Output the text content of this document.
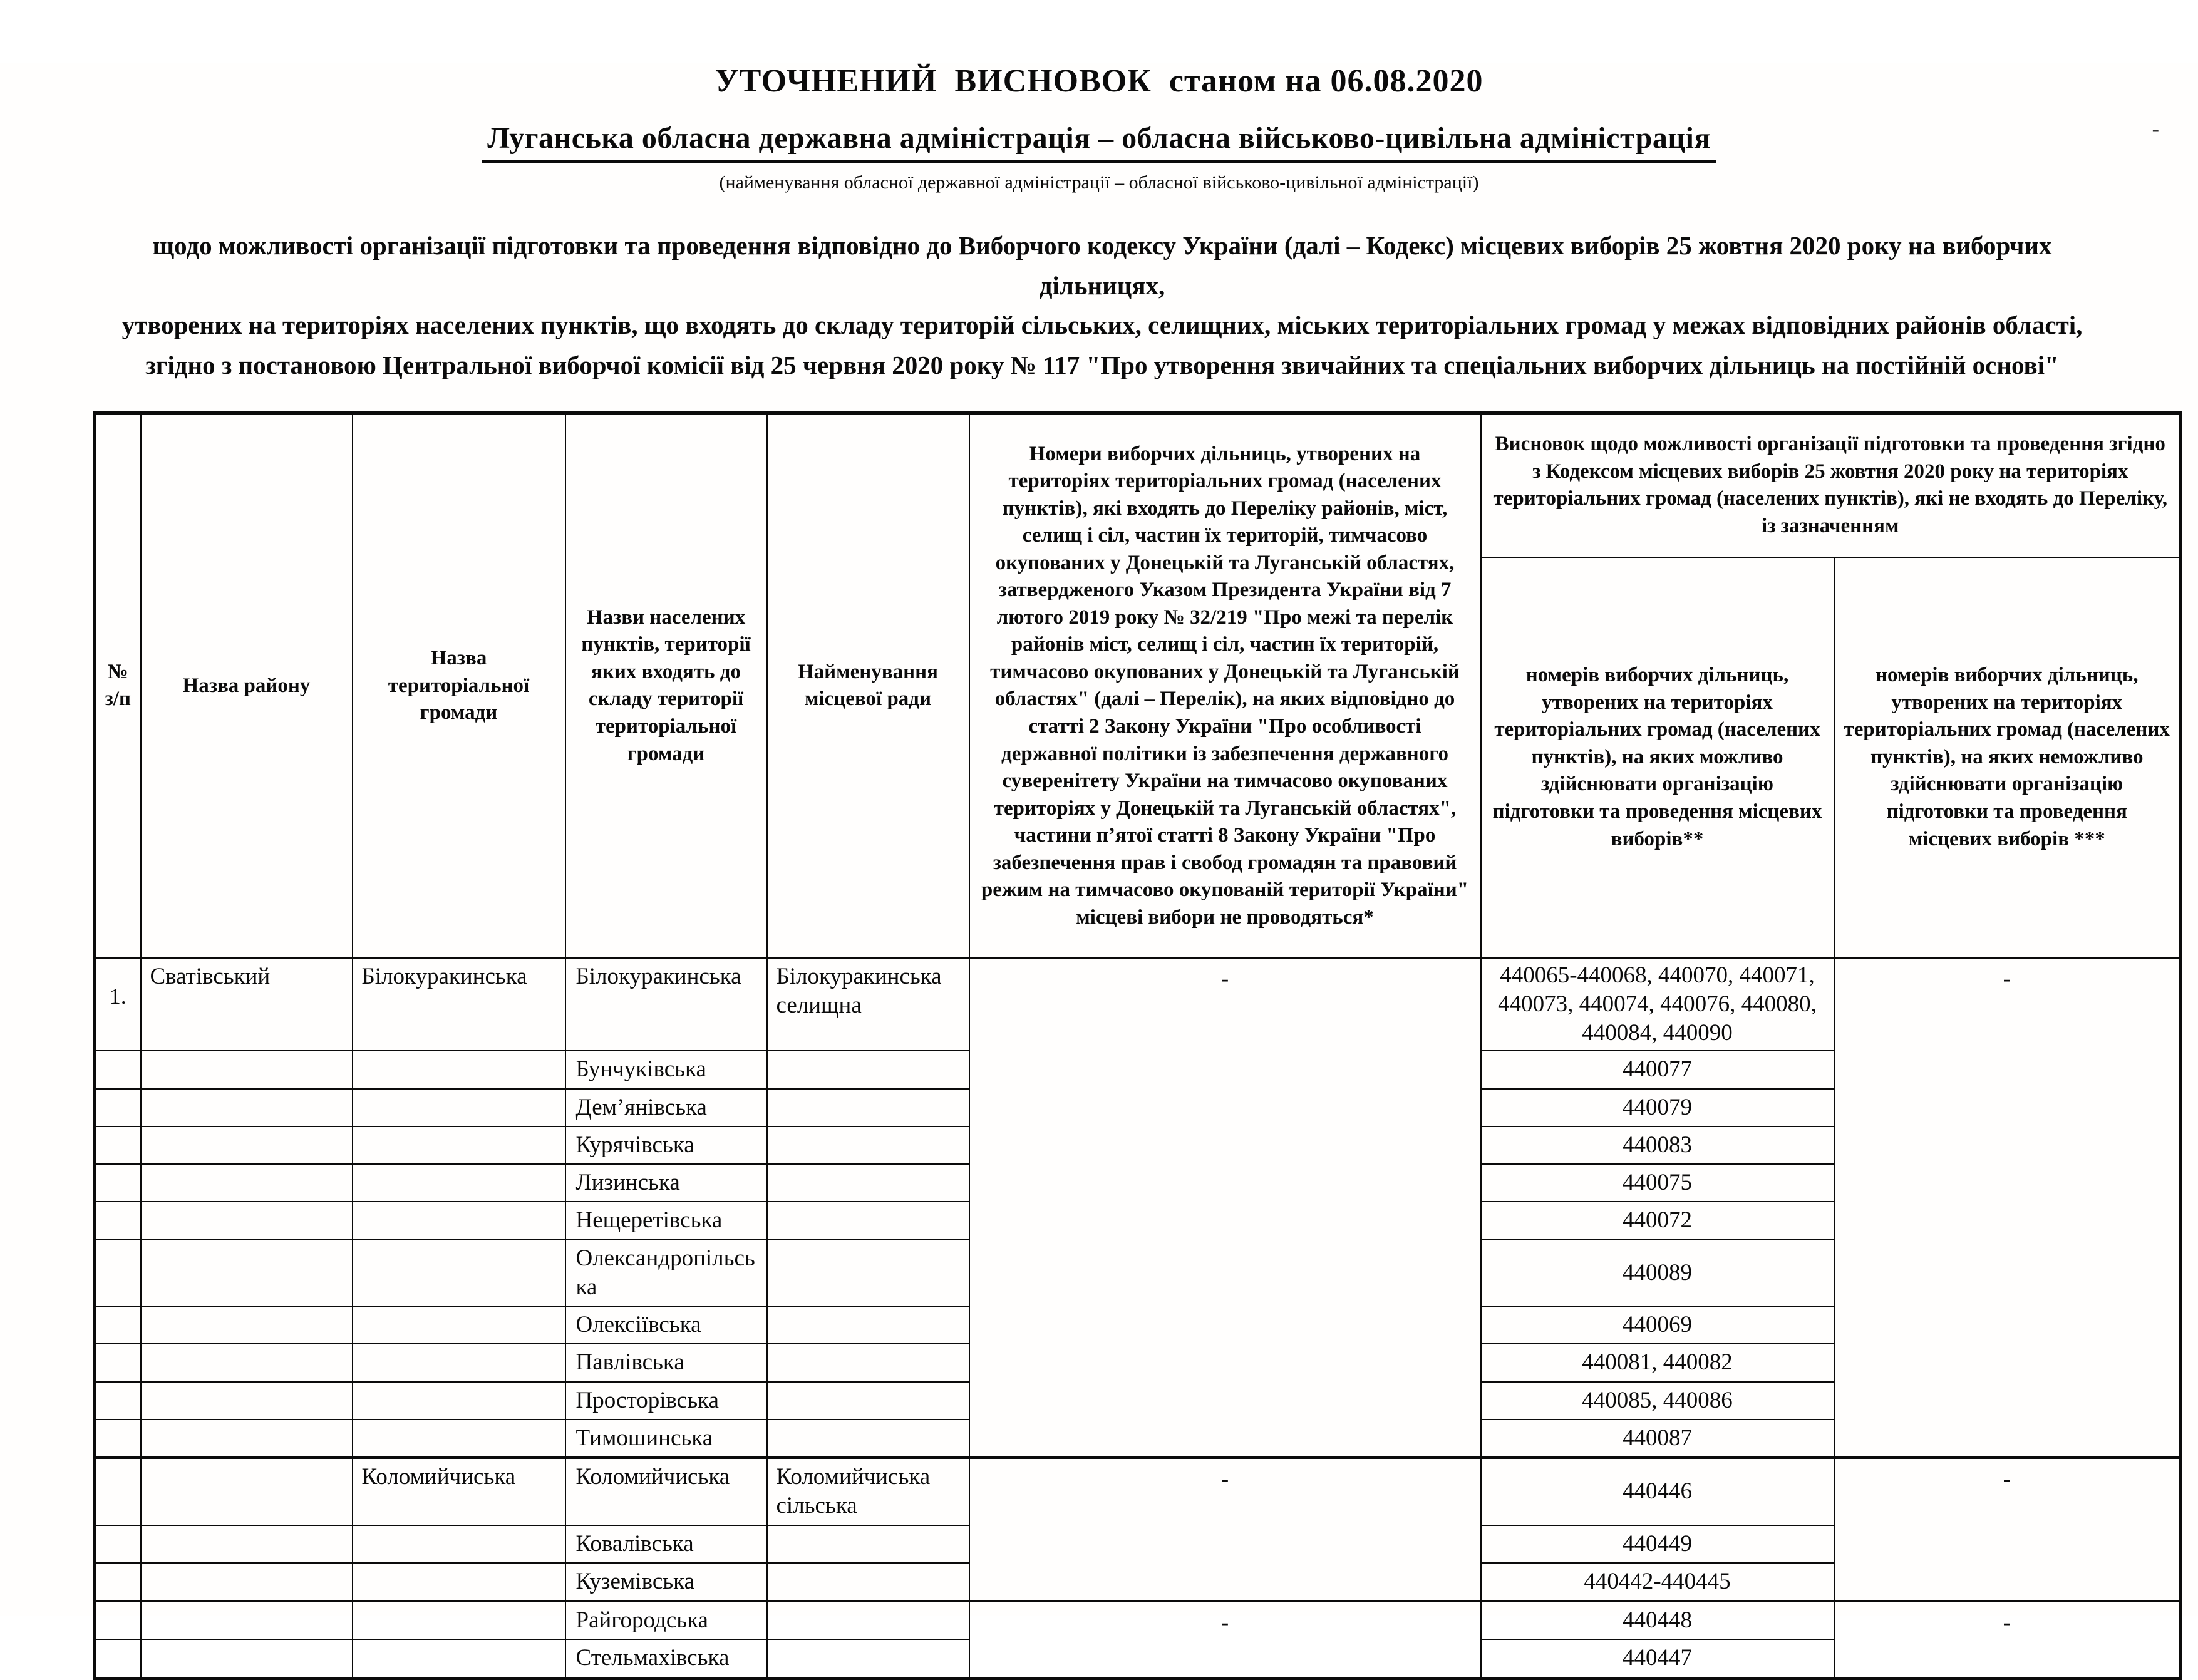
-
УТОЧНЕНИЙ  ВИСНОВОК  станом на 06.08.2020
Луганська обласна державна адміністрація – обласна військово-цивільна адміністрація
(найменування обласної державної адміністрації – обласної військово-цивільної адміністрації)
щодо можливості організації підготовки та проведення відповідно до Виборчого кодексу України (далі – Кодекс) місцевих виборів 25 жовтня 2020 року на виборчих дільницях,
утворених на територіях населених пунктів, що входять до складу територій сільських, селищних, міських територіальних громад у межах відповідних районів області,
згідно з постановою Центральної виборчої комісії від 25 червня 2020 року № 117 "Про утворення звичайних та спеціальних виборчих дільниць на постійній основі"
№ з/п	Назва району	Назва територіальної громади	Назви населених пунктів, території яких входять до складу території територіальної громади	Найменування місцевої ради	Номери виборчих дільниць, утворених на територіях територіальних громад (населених пунктів), які входять до Переліку районів, міст, селищ і сіл, частин їх територій, тимчасово окупованих у Донецькій та Луганській областях, затвердженого Указом Президента України від 7 лютого 2019 року № 32/219 "Про межі та перелік районів міст, селищ і сіл, частин їх територій, тимчасово окупованих у Донецькій та Луганській областях" (далі – Перелік), на яких відповідно до статті 2 Закону України "Про особливості державної політики із забезпечення державного суверенітету України на тимчасово окупованих територіях у Донецькій та Луганській областях", частини п’ятої статті 8 Закону України "Про забезпечення прав і свобод громадян та правовий режим на тимчасово окупованій території України" місцеві вибори не проводяться*	Висновок щодо можливості організації підготовки та проведення згідно з Кодексом місцевих виборів 25 жовтня 2020 року на територіях територіальних громад (населених пунктів), які не входять до Переліку, із зазначенням
						номерів виборчих дільниць, утворених на територіях територіальних громад (населених пунктів), на яких можливо здійснювати організацію підготовки та проведення місцевих виборів**	номерів виборчих дільниць, утворених на територіях територіальних громад (населених пунктів), на яких неможливо здійснювати організацію підготовки та проведення місцевих виборів ***
1.	Сватівський	Білокуракинська	Білокуракинська	Білокуракинська селищна	-	440065-440068, 440070, 440071, 440073, 440074, 440076, 440080, 440084, 440090	-
			Бунчуківська			440077	
			Дем’янівська			440079	
			Курячівська			440083	
			Лизинська			440075	
			Нещеретівська			440072	
			Олександропільська			440089	
			Олексіївська			440069	
			Павлівська			440081, 440082	
			Просторівська			440085, 440086	
			Тимошинська			440087	
		Коломийчиська	Коломийчиська	Коломийчиська сільська	-	440446	-
			Ковалівська			440449	
			Куземівська			440442-440445	
			Райгородська		-	440448	-
			Стельмахівська			440447	
